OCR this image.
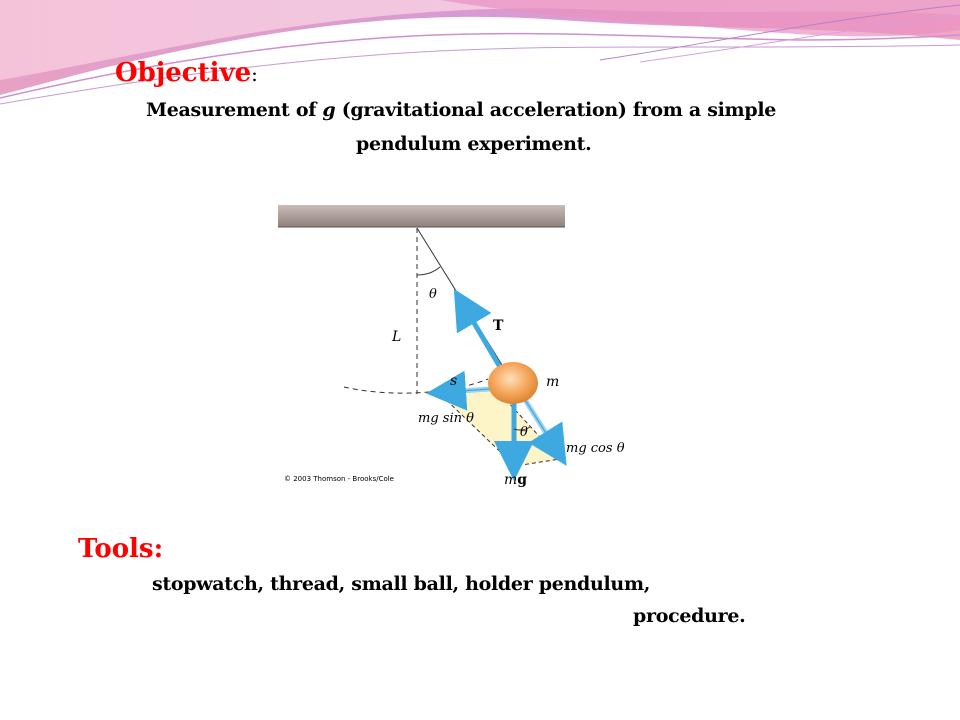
Objective:

Measurement of g (gravitational acceleration) from a simple

pendulum experiment.

θ
L
T
s	m
mg sin θ
θ
mg cos θ
mg
© 2003 Thomson - Brooks/Cole
Tools:

stopwatch, thread, small ball, holder pendulum,

procedure.
